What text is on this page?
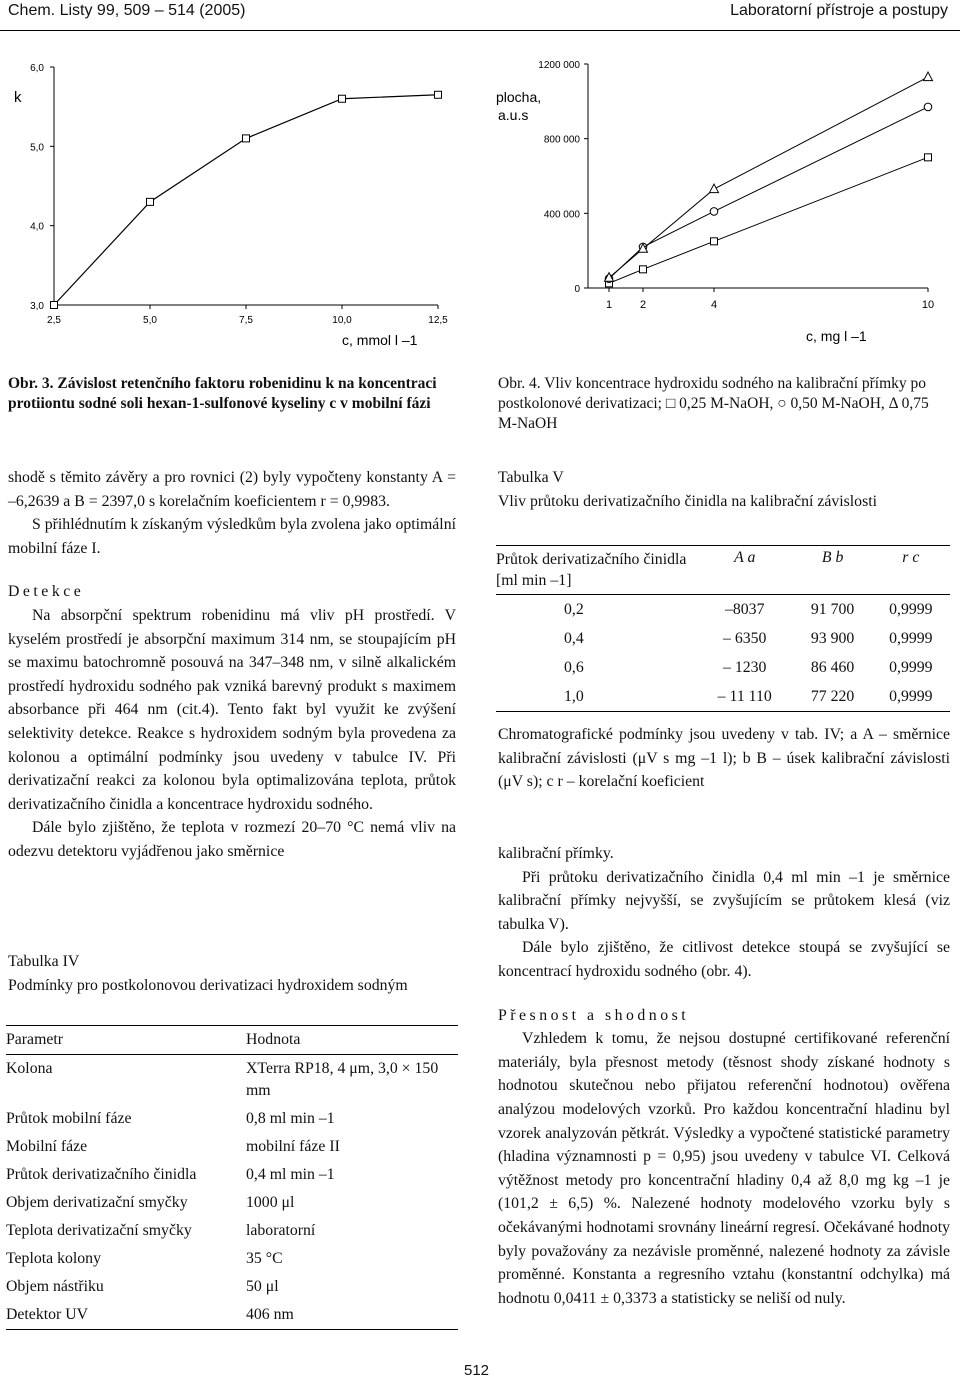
Chem. Listy 99, 509 – 514 (2005)	Laboratorní přístroje a postupy
3,0
4,0
5,0
6,0
2,5	5,0	7,5	10,0	12,5
k
c, mmol l –1
Obr. 3. Závislost retenčního faktoru robenidinu k na koncentraci protiiontu sodné soli hexan-1-sulfonové kyseliny c v mobilní fázi
0
400 000
800 000
1200 000
1	2	4	10
plocha,
a.u.s
c, mg l –1
Obr. 4. Vliv koncentrace hydroxidu sodného na kalibrační přímky po postkolonové derivatizaci; □ 0,25 M-NaOH, ○ 0,50 M-NaOH, Δ 0,75 M-NaOH

shodě s těmito závěry a pro rovnici (2) byly vypočteny konstanty A = –6,2639 a B = 2397,0 s korelačním koeficientem r = 0,9983.

S přihlédnutím k získaným výsledkům byla zvolena jako optimální mobilní fáze I.

Detekce

Na absorpční spektrum robenidinu má vliv pH prostředí. V kyselém prostředí je absorpční maximum 314 nm, se stoupajícím pH se maximu batochromně posouvá na 347–348 nm, v silně alkalickém prostředí hydroxidu sodného pak vzniká barevný produkt s maximem absorbance při 464 nm (cit.4). Tento fakt byl využit ke zvýšení selektivity detekce. Reakce s hydroxidem sodným byla provedena za kolonou a optimální podmínky jsou uvedeny v tabulce IV. Při derivatizační reakci za kolonou byla optimalizována teplota, průtok derivatizačního činidla a koncentrace hydroxidu sodného.

Dále bylo zjištěno, že teplota v rozmezí 20–70 °C nemá vliv na odezvu detektoru vyjádřenou jako směrnice

Tabulka IV
Podmínky pro postkolonovou derivatizaci hydroxidem sodným
Parametr	Hodnota
Kolona	XTerra RP18, 4 μm, 3,0 × 150 mm
Průtok mobilní fáze	0,8 ml min –1
Mobilní fáze	mobilní fáze II
Průtok derivatizačního činidla	0,4 ml min –1
Objem derivatizační smyčky	1000 μl
Teplota derivatizační smyčky	laboratorní
Teplota kolony	35 °C
Objem nástřiku	50 μl
Detektor UV	406 nm
Tabulka V
Vliv průtoku derivatizačního činidla na kalibrační závislosti
Průtok derivatizačního činidla [ml min –1]	A a	B b	r c
0,2	–8037	91 700	0,9999
0,4	– 6350	93 900	0,9999
0,6	– 1230	86 460	0,9999
1,0	– 11 110	77 220	0,9999
Chromatografické podmínky jsou uvedeny v tab. IV; a A – směrnice kalibrační závislosti (μV s mg –1 l); b B – úsek kalibrační závislosti (μV s); c r – korelační koeficient

kalibrační přímky.

Při průtoku derivatizačního činidla 0,4 ml min –1 je směrnice kalibrační přímky nejvyšší, se zvyšujícím se průtokem klesá (viz tabulka V).

Dále bylo zjištěno, že citlivost detekce stoupá se zvyšující se koncentrací hydroxidu sodného (obr. 4).

Přesnost a shodnost

Vzhledem k tomu, že nejsou dostupné certifikované referenční materiály, byla přesnost metody (těsnost shody získané hodnoty s hodnotou skutečnou nebo přijatou referenční hodnotou) ověřena analýzou modelových vzorků. Pro každou koncentrační hladinu byl vzorek analyzován pětkrát. Výsledky a vypočtené statistické parametry (hladina významnosti p = 0,95) jsou uvedeny v tabulce VI. Celková výtěžnost metody pro koncentrační hladiny 0,4 až 8,0 mg kg –1 je (101,2 ± 6,5) %. Nalezené hodnoty modelového vzorku byly s očekávanými hodnotami srovnány lineární regresí. Očekávané hodnoty byly považovány za nezávisle proměnné, nalezené hodnoty za závisle proměnné. Konstanta a regresního vztahu (konstantní odchylka) má hodnotu 0,0411 ± 0,3373 a statisticky se neliší od nuly.

512
